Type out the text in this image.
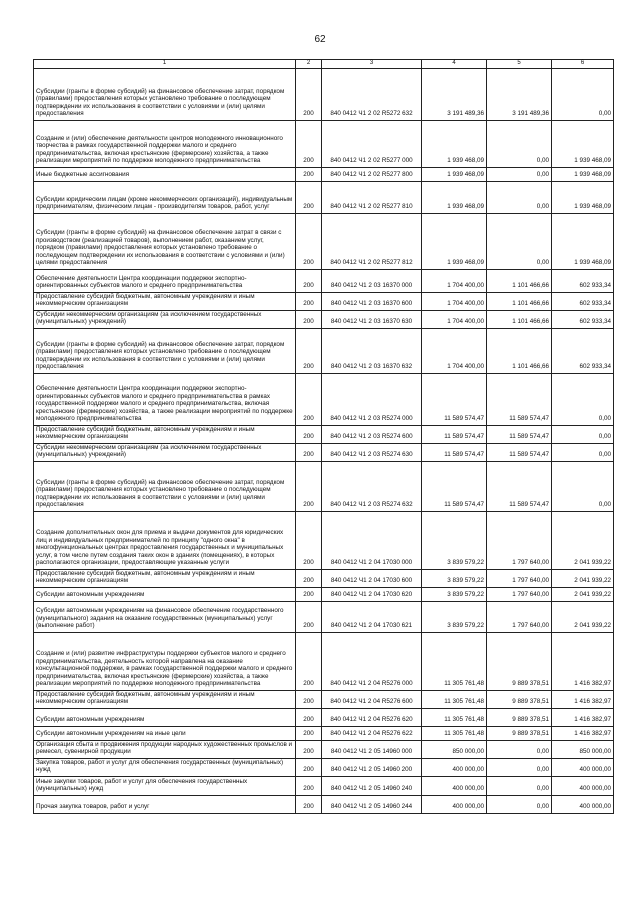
62
1	2	3	4	5	6
Субсидии (гранты в форме субсидий) на финансовое обеспечение затрат, порядком (правилами) предоставления которых установлено требование о последующем подтверждении их использования в соответствии с условиями и (или) целями предоставления	200	840 0412 Ч1 2 02 R5272 632	3 191 489,36	3 191 489,36	0,00
Создание и (или) обеспечение деятельности центров молодежного инновационного творчества в рамках государственной поддержки малого и среднего предпринимательства, включая крестьянские (фермерские) хозяйства, а также реализации мероприятий по поддержке молодежного предпринимательства	200	840 0412 Ч1 2 02 R5277 000	1 939 468,09	0,00	1 939 468,09
Иные бюджетные ассигнования	200	840 0412 Ч1 2 02 R5277 800	1 939 468,09	0,00	1 939 468,09
Субсидии юридическим лицам (кроме некоммерческих организаций), индивидуальным предпринимателям, физическим лицам - производителям товаров, работ, услуг	200	840 0412 Ч1 2 02 R5277 810	1 939 468,09	0,00	1 939 468,09
Субсидии (гранты в форме субсидий) на финансовое обеспечение затрат в связи с производством (реализацией товаров), выполнением работ, оказанием услуг, порядком (правилами) предоставления которых установлено требование о последующем подтверждении их использования в соответствии с условиями и (или) целями предоставления	200	840 0412 Ч1 2 02 R5277 812	1 939 468,09	0,00	1 939 468,09
Обеспечение деятельности Центра координации поддержки экспортно-ориентированных субъектов малого и среднего предпринимательства	200	840 0412 Ч1 2 03 16370 000	1 704 400,00	1 101 466,66	602 933,34
Предоставление субсидий бюджетным, автономным учреждениям и иным некоммерческим организациям	200	840 0412 Ч1 2 03 16370 600	1 704 400,00	1 101 466,66	602 933,34
Субсидии некоммерческим организациям (за исключением государственных (муниципальных) учреждений)	200	840 0412 Ч1 2 03 16370 630	1 704 400,00	1 101 466,66	602 933,34
Субсидии (гранты в форме субсидий) на финансовое обеспечение затрат, порядком (правилами) предоставления которых установлено требование о последующем подтверждении их использования в соответствии с условиями и (или) целями предоставления	200	840 0412 Ч1 2 03 16370 632	1 704 400,00	1 101 466,66	602 933,34
Обеспечение деятельности Центра координации поддержки экспортно-ориентированных субъектов малого и среднего предпринимательства в рамках государственной поддержки малого и среднего предпринимательства, включая крестьянские (фермерские) хозяйства, а также реализации мероприятий по поддержке молодежного предпринимательства	200	840 0412 Ч1 2 03 R5274 000	11 589 574,47	11 589 574,47	0,00
Предоставление субсидий бюджетным, автономным учреждениям и иным некоммерческим организациям	200	840 0412 Ч1 2 03 R5274 600	11 589 574,47	11 589 574,47	0,00
Субсидии некоммерческим организациям (за исключением государственных (муниципальных) учреждений)	200	840 0412 Ч1 2 03 R5274 630	11 589 574,47	11 589 574,47	0,00
Субсидии (гранты в форме субсидий) на финансовое обеспечение затрат, порядком (правилами) предоставления которых установлено требование о последующем подтверждении их использования в соответствии с условиями и (или) целями предоставления	200	840 0412 Ч1 2 03 R5274 632	11 589 574,47	11 589 574,47	0,00
Создание дополнительных окон для приема и выдачи документов для юридических лиц и индивидуальных предпринимателей по принципу "одного окна" в многофункциональных центрах предоставления государственных и муниципальных услуг, в том числе путем создания таких окон в зданиях (помещениях), в которых располагаются организации, предоставляющие указанные услуги	200	840 0412 Ч1 2 04 17030 000	3 839 579,22	1 797 640,00	2 041 939,22
Предоставление субсидий бюджетным, автономным учреждениям и иным некоммерческим организациям	200	840 0412 Ч1 2 04 17030 600	3 839 579,22	1 797 640,00	2 041 939,22
Субсидии автономным учреждениям	200	840 0412 Ч1 2 04 17030 620	3 839 579,22	1 797 640,00	2 041 939,22
Субсидии автономным учреждениям на финансовое обеспечение государственного (муниципального) задания на оказание государственных (муниципальных) услуг (выполнение работ)	200	840 0412 Ч1 2 04 17030 621	3 839 579,22	1 797 640,00	2 041 939,22
Создание и (или) развитие инфраструктуры поддержки субъектов малого и среднего предпринимательства, деятельность которой направлена на оказание консультационной поддержки, в рамках государственной поддержки малого и среднего предпринимательства, включая крестьянские (фермерские) хозяйства, а также реализации мероприятий по поддержке молодежного предпринимательства	200	840 0412 Ч1 2 04 R5276 000	11 305 761,48	9 889 378,51	1 416 382,97
Предоставление субсидий бюджетным, автономным учреждениям и иным некоммерческим организациям	200	840 0412 Ч1 2 04 R5276 600	11 305 761,48	9 889 378,51	1 416 382,97
Субсидии автономным учреждениям	200	840 0412 Ч1 2 04 R5276 620	11 305 761,48	9 889 378,51	1 416 382,97
Субсидии автономным учреждениям на иные цели	200	840 0412 Ч1 2 04 R5276 622	11 305 761,48	9 889 378,51	1 416 382,97
Организация сбыта и продвижения продукции народных художественных промыслов и ремесел, сувенирной продукции	200	840 0412 Ч1 2 05 14960 000	850 000,00	0,00	850 000,00
Закупка товаров, работ и услуг для обеспечения государственных (муниципальных) нужд	200	840 0412 Ч1 2 05 14960 200	400 000,00	0,00	400 000,00
Иные закупки товаров, работ и услуг для обеспечения государственных (муниципальных) нужд	200	840 0412 Ч1 2 05 14960 240	400 000,00	0,00	400 000,00
Прочая закупка товаров, работ и услуг	200	840 0412 Ч1 2 05 14960 244	400 000,00	0,00	400 000,00
